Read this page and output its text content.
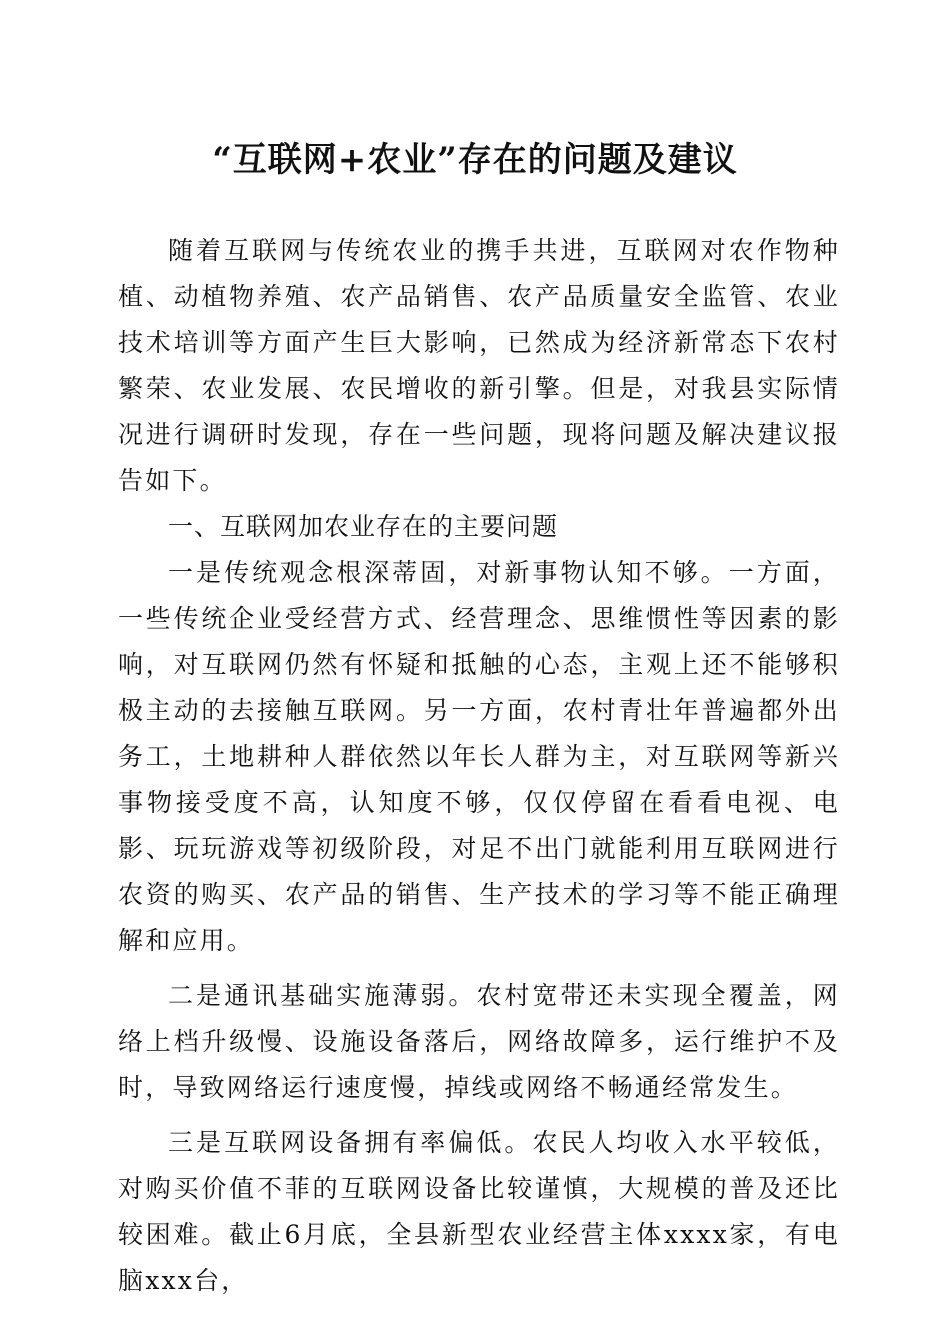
“互联网+农业”存在的问题及建议

随着互联网与传统农业的携手共进，互联网对农作物种植、动植物养殖、农产品销售、农产品质量安全监管、农业技术培训等方面产生巨大影响，已然成为经济新常态下农村繁荣、农业发展、农民增收的新引擎。但是，对我县实际情况进行调研时发现，存在一些问题，现将问题及解决建议报告如下。

一、互联网加农业存在的主要问题

一是传统观念根深蒂固，对新事物认知不够。一方面，一些传统企业受经营方式、经营理念、思维惯性等因素的影响，对互联网仍然有怀疑和抵触的心态，主观上还不能够积极主动的去接触互联网。另一方面，农村青壮年普遍都外出务工，土地耕种人群依然以年长人群为主，对互联网等新兴事物接受度不高，认知度不够，仅仅停留在看看电视、电影、玩玩游戏等初级阶段，对足不出门就能利用互联网进行农资的购买、农产品的销售、生产技术的学习等不能正确理解和应用。

二是通讯基础实施薄弱。农村宽带还未实现全覆盖，网络上档升级慢、设施设备落后，网络故障多，运行维护不及时，导致网络运行速度慢，掉线或网络不畅通经常发生。

三是互联网设备拥有率偏低。农民人均收入水平较低，对购买价值不菲的互联网设备比较谨慎，大规模的普及还比较困难。截止6月底，全县新型农业经营主体xxxx家，有电脑xxx台，
